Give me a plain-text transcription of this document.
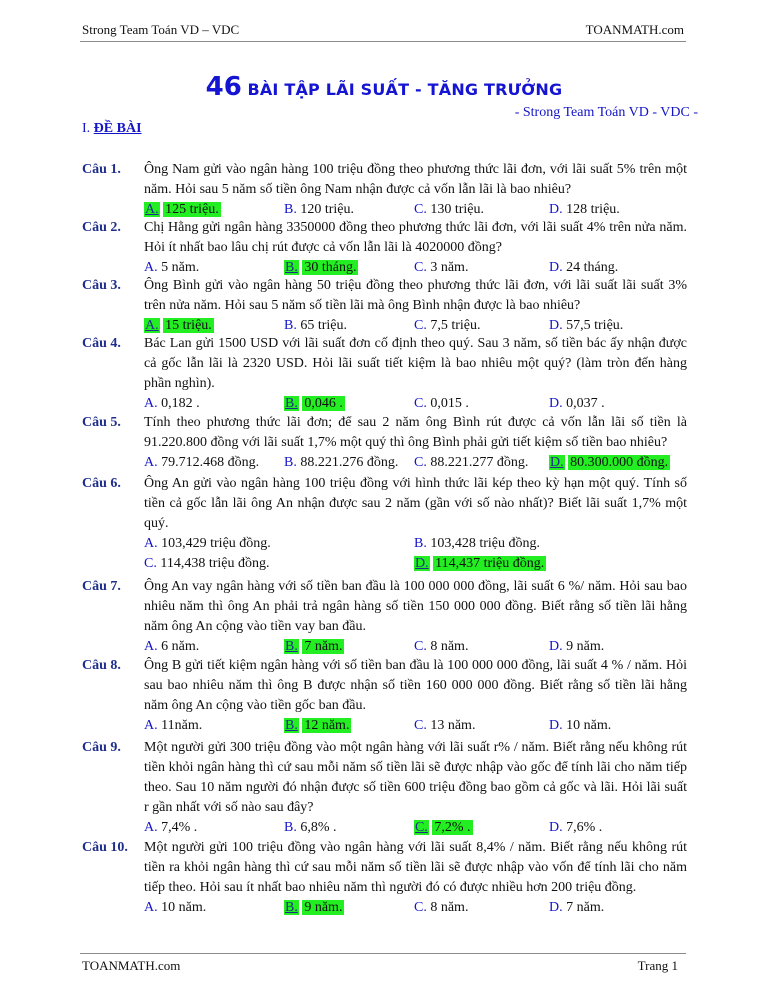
Strong Team Toán VD – VDC	TOANMATH.com
46 BÀI TẬP LÃI SUẤT - TĂNG TRƯỞNG
- Strong Team Toán VD - VDC -
I. ĐỀ BÀI
Câu 1. Ông Nam gửi vào ngân hàng 100 triệu đồng theo phương thức lãi đơn, với lãi suất 5% trên một năm. Hỏi sau 5 năm số tiền ông Nam nhận được cả vốn lẫn lãi là bao nhiêu?
A. 125 triệu.	B. 120 triệu.	C. 130 triệu.	D. 128 triệu.
Câu 2. Chị Hằng gửi ngân hàng 3350000 đồng theo phương thức lãi đơn, với lãi suất 4% trên nửa năm. Hỏi ít nhất bao lâu chị rút được cả vốn lẫn lãi là 4020000 đồng?
A. 5 năm.	B. 30 tháng.	C. 3 năm.	D. 24 tháng.
Câu 3. Ông Bình gửi vào ngân hàng 50 triệu đồng theo phương thức lãi đơn, với lãi suất lãi suất 3% trên nửa năm. Hỏi sau 5 năm số tiền lãi mà ông Bình nhận được là bao nhiêu?
A. 15 triệu.	B. 65 triệu.	C. 7,5 triệu.	D. 57,5 triệu.
Câu 4. Bác Lan gửi 1500 USD với lãi suất đơn cố định theo quý. Sau 3 năm, số tiền bác ấy nhận được cả gốc lẫn lãi là 2320 USD. Hỏi lãi suất tiết kiệm là bao nhiêu một quý? (làm tròn đến hàng phần nghìn).
A. 0,182 .	B. 0,046 .	C. 0,015 .	D. 0,037 .
Câu 5. Tính theo phương thức lãi đơn; để sau 2 năm ông Bình rút được cả vốn lẫn lãi số tiền là 91.220.800 đồng với lãi suất 1,7% một quý thì ông Bình phải gửi tiết kiệm số tiền bao nhiêu?
A. 79.712.468 đồng. B. 88.221.276 đồng. C. 88.221.277 đồng. D. 80.300.000 đồng.
Câu 6. Ông An gửi vào ngân hàng 100 triệu đồng với hình thức lãi kép theo kỳ hạn một quý. Tính số tiền cả gốc lẫn lãi ông An nhận được sau 2 năm (gần với số nào nhất)? Biết lãi suất 1,7% một quý.
A. 103,429 triệu đồng.	B. 103,428 triệu đồng.
C. 114,438 triệu đồng.	D. 114,437 triệu đồng.
Câu 7. Ông An vay ngân hàng với số tiền ban đầu là 100 000 000 đồng, lãi suất 6 %/ năm. Hỏi sau bao nhiêu năm thì ông An phải trả ngân hàng số tiền 150 000 000 đồng. Biết rằng số tiền lãi hằng năm ông An cộng vào tiền vay ban đầu.
A. 6 năm.	B. 7 năm.	C. 8 năm.	D. 9 năm.
Câu 8. Ông B gửi tiết kiệm ngân hàng với số tiền ban đầu là 100 000 000 đồng, lãi suất 4 % / năm. Hỏi sau bao nhiêu năm thì ông B được nhận số tiền 160 000 000 đồng. Biết rằng số tiền lãi hằng năm ông An cộng vào tiền gốc ban đầu.
A. 11năm.	B. 12 năm.	C. 13 năm.	D. 10 năm.
Câu 9. Một người gửi 300 triệu đồng vào một ngân hàng với lãi suất r% / năm. Biết rằng nếu không rút tiền khỏi ngân hàng thì cứ sau mỗi năm số tiền lãi sẽ được nhập vào gốc để tính lãi cho năm tiếp theo. Sau 10 năm người đó nhận được số tiền 600 triệu đồng bao gồm cả gốc và lãi. Hỏi lãi suất r gần nhất với số nào sau đây?
A. 7,4% .	B. 6,8% .	C. 7,2% .	D. 7,6% .
Câu 10. Một người gửi 100 triệu đồng vào ngân hàng với lãi suất 8,4% / năm. Biết rằng nếu không rút tiền ra khỏi ngân hàng thì cứ sau mỗi năm số tiền lãi sẽ được nhập vào vốn để tính lãi cho năm tiếp theo. Hỏi sau ít nhất bao nhiêu năm thì người đó có được nhiều hơn 200 triệu đồng.
A. 10 năm.	B. 9 năm.	C. 8 năm.	D. 7 năm.
TOANMATH.com	Trang 1
